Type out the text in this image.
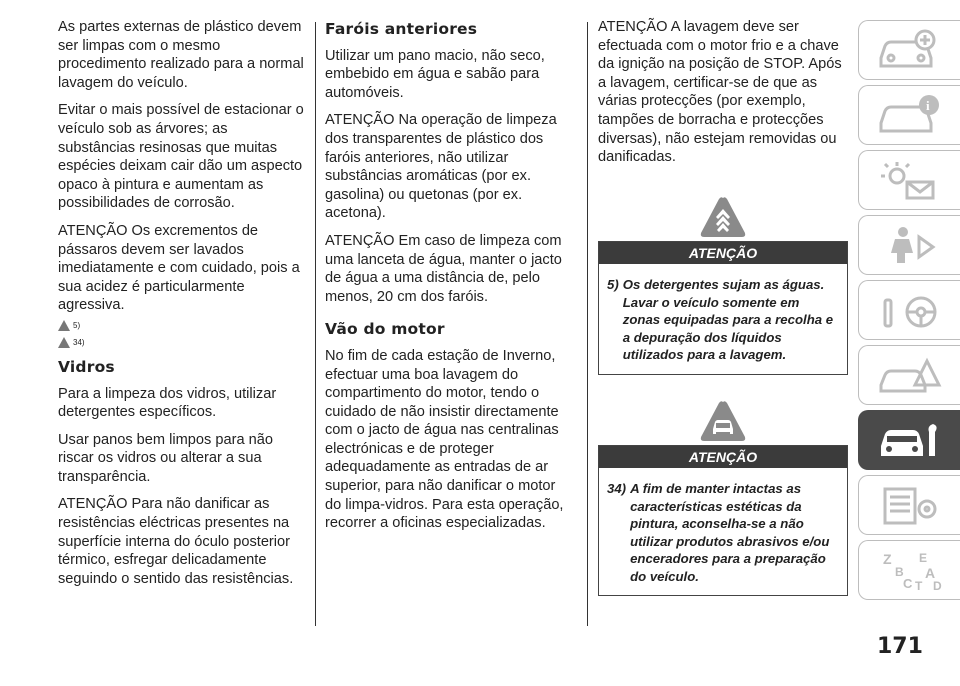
As partes externas de plástico devem ser limpas com o mesmo procedimento realizado para a normal lavagem do veículo.

Evitar o mais possível de estacionar o veículo sob as árvores; as substâncias resinosas que muitas espécies deixam cair dão um aspecto opaco à pintura e aumentam as possibilidades de corrosão.

ATENÇÃO Os excrementos de pássaros devem ser lavados imediatamente e com cuidado, pois a sua acidez é particularmente agressiva.

5)
34)
Vidros

Para a limpeza dos vidros, utilizar detergentes específicos.

Usar panos bem limpos para não riscar os vidros ou alterar a sua transparência.

ATENÇÃO Para não danificar as resistências eléctricas presentes na superfície interna do óculo posterior térmico, esfregar delicadamente seguindo o sentido das resistências.

Faróis anteriores

Utilizar um pano macio, não seco, embebido em água e sabão para automóveis.

ATENÇÃO Na operação de limpeza dos transparentes de plástico dos faróis anteriores, não utilizar substâncias aromáticas (por ex. gasolina) ou quetonas (por ex. acetona).

ATENÇÃO Em caso de limpeza com uma lanceta de água, manter o jacto de água a uma distância de, pelo menos, 20 cm dos faróis.

Vão do motor

No fim de cada estação de Inverno, efectuar uma boa lavagem do compartimento do motor, tendo o cuidado de não insistir directamente com o jacto de água nas centralinas electrónicas e de proteger adequadamente as entradas de ar superior, para não danificar o motor do limpa-vidros. Para esta operação, recorrer a oficinas especializadas.

ATENÇÃO A lavagem deve ser efectuada com o motor frio e a chave da ignição na posição de STOP. Após a lavagem, certificar-se de que as várias protecções (por exemplo, tampões de borracha e protecções diversas), não estejam removidas ou danificadas.

ATENÇÃO
5) Os detergentes sujam as águas. Lavar o veículo somente em zonas equipadas para a recolha e a depuração dos líquidos utilizados para a lavagem.
ATENÇÃO
34) A fim de manter intactas as características estéticas da pintura, aconselha-se a não utilizar produtos abrasivos e/ou enceradores para a preparação do veículo.
i
Z E
B A
C T D
171
